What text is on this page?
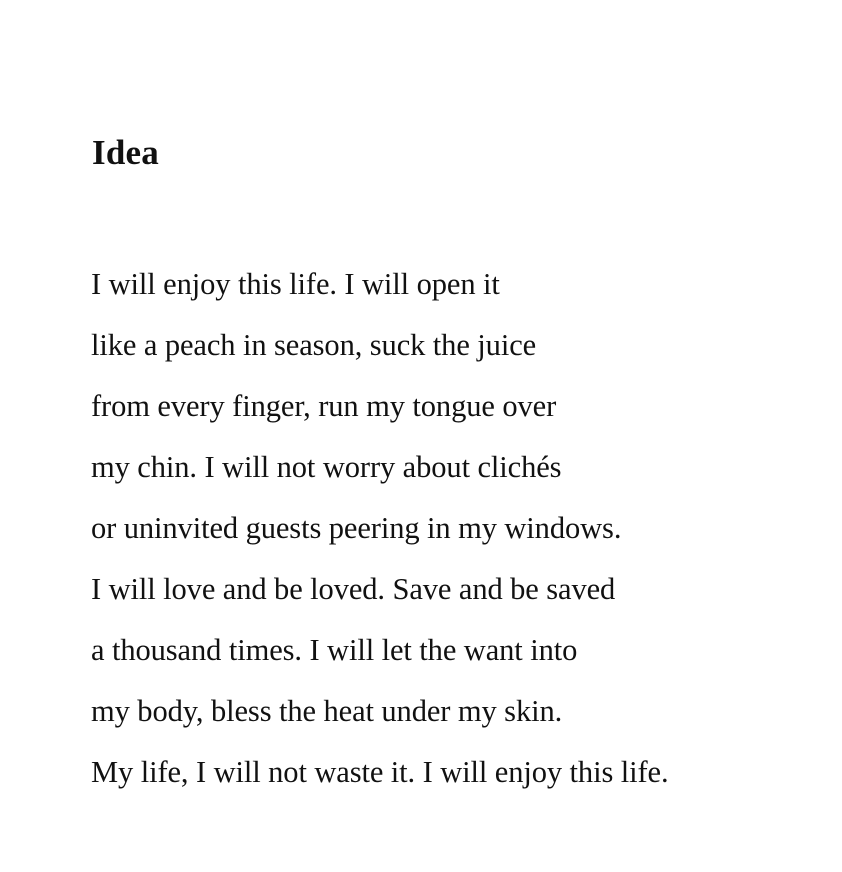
Idea
I will enjoy this life. I will open it
like a peach in season, suck the juice
from every finger, run my tongue over
my chin. I will not worry about clichés
or uninvited guests peering in my windows.
I will love and be loved. Save and be saved
a thousand times. I will let the want into
my body, bless the heat under my skin.
My life, I will not waste it. I will enjoy this life.
